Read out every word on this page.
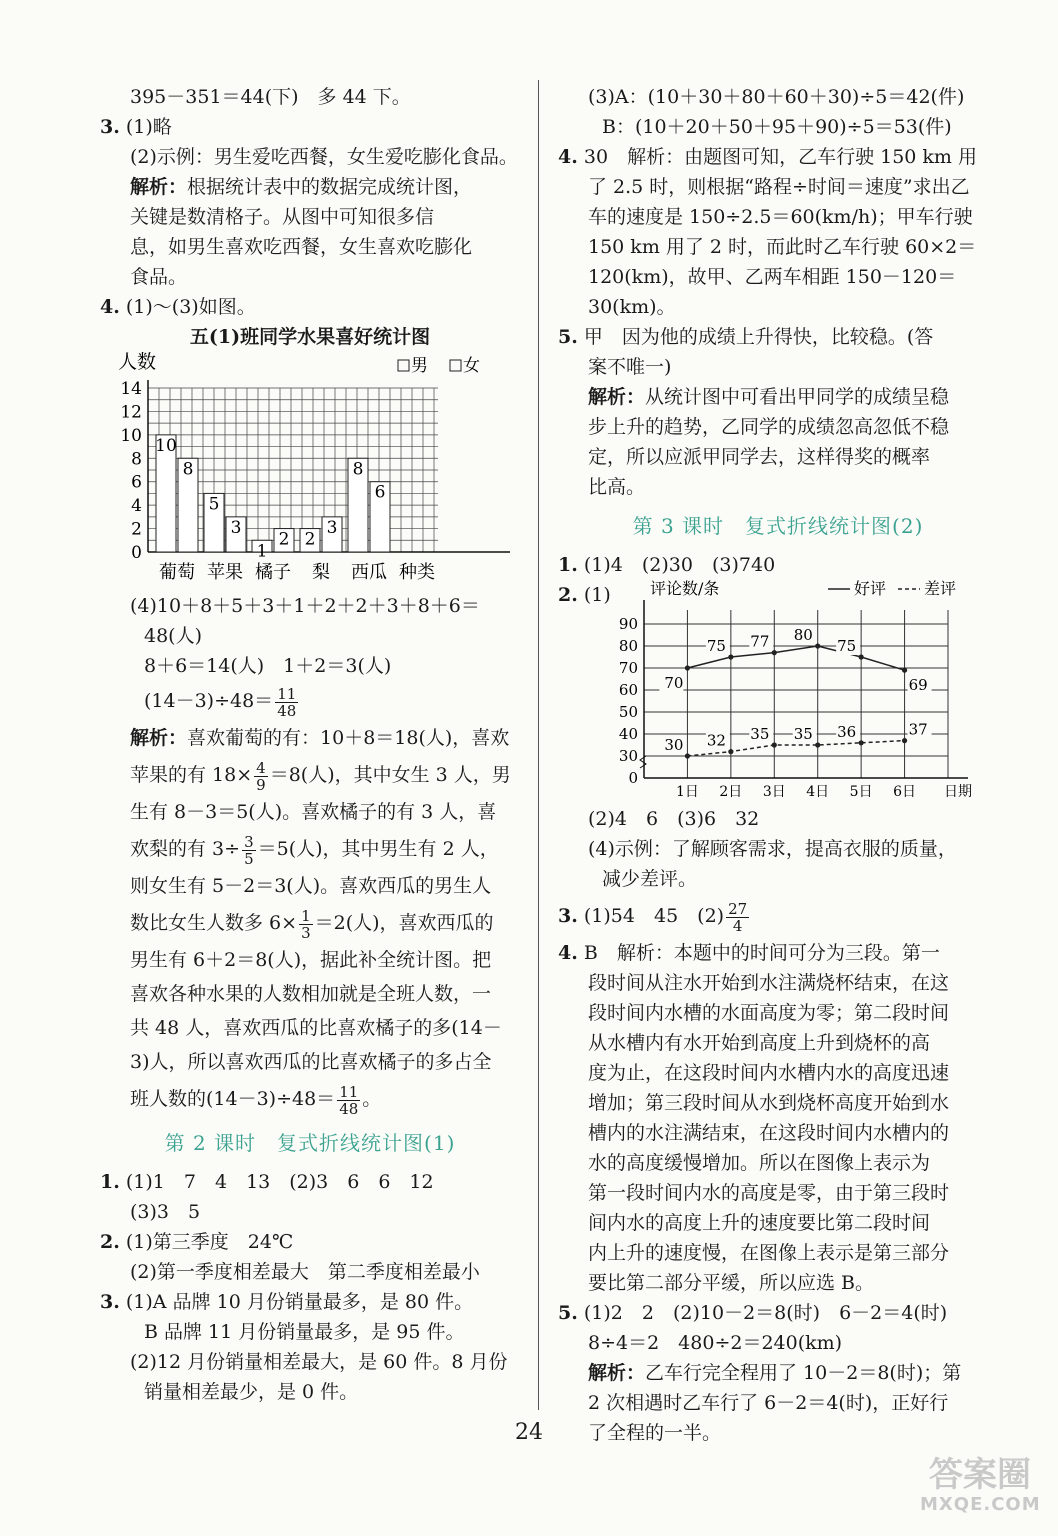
395－351＝44(下)　多 44 下。
3. (1)略
(2)示例：男生爱吃西餐，女生爱吃膨化食品。
解析：根据统计表中的数据完成统计图，
关键是数清格子。从图中可知很多信
息，如男生喜欢吃西餐，女生喜欢吃膨化
食品。
4. (1)～(3)如图。
五(1)班同学水果喜好统计图
人数	男 女
0
2
4
6
8
10
12
14
10
8
5
3
1
2 2
3
8
6
葡萄 苹果 橘子 梨 西瓜 种类
(4)10＋8＋5＋3＋1＋2＋2＋3＋8＋6＝
48(人)
8＋6＝14(人)　1＋2＝3(人)
$(14-3)\div 48= \frac{11}{48}$
解析：喜欢葡萄的有：10＋8＝18(人)，喜欢
苹果的有 $18\times \frac{4}{9} =8$(人)，其中女生 3 人，男
生有 8－3＝5(人)。喜欢橘子的有 3 人，喜
欢梨的有 $3\div \frac{3}{5} =5$(人)，其中男生有 2 人，
则女生有 5－2＝3(人)。喜欢西瓜的男生人
数比女生人数多 $6\times \frac{1}{3} =2$(人)，喜欢西瓜的
男生有 6＋2＝8(人)，据此补全统计图。把
喜欢各种水果的人数相加就是全班人数，一
共 48 人，喜欢西瓜的比喜欢橘子的多(14－
3)人，所以喜欢西瓜的比喜欢橘子的多占全
班人数的$(14-3)\div 48= \frac{11}{48}$ 。
第 2 课时　复式折线统计图(1)
1. (1)1　7　4　13　(2)3　6　6　12
(3)3　5
2. (1)第三季度　24℃
(2)第一季度相差最大　第二季度相差最小
3. (1)A 品牌 10 月份销量最多，是 80 件。
B 品牌 11 月份销量最多，是 95 件。
(2)12 月份销量相差最大，是 60 件。8 月份
销量相差最少，是 0 件。
(3)A：(10＋30＋80＋60＋30)÷5＝42(件)
B：(10＋20＋50＋95＋90)÷5＝53(件)
4. 30　解析：由题图可知，乙车行驶 150 km 用
了 2.5 时，则根据“路程÷时间＝速度”求出乙
车的速度是 150÷2.5＝60(km/h)；甲车行驶
150 km 用了 2 时，而此时乙车行驶 60×2＝
120(km)，故甲、乙两车相距 150－120＝
30(km)。
5. 甲　因为他的成绩上升得快，比较稳。(答
案不唯一)
解析：从统计图中可看出甲同学的成绩呈稳
步上升的趋势，乙同学的成绩忽高忽低不稳
定，所以应派甲同学去，这样得奖的概率
比高。
第 3 课时　复式折线统计图(2)
1. (1)4　(2)30　(3)740
2. (1)	评论数/条	好评 差评
0
30
40
50
60
70
80
90
70
75 77 80
75
69
30 32 35 35 36	37
1日 2日 3日 4日 5日 6日 日期
(2)4　6　(3)6　32
(4)示例：了解顾客需求，提高衣服的质量，
减少差评。
3. (1)54　45　$(2) \frac{27}{4}$
4. B　解析：本题中的时间可分为三段。第一
段时间从注水开始到水注满烧杯结束，在这
段时间内水槽的水面高度为零；第二段时间
从水槽内有水开始到高度上升到烧杯的高
度为止，在这段时间内水槽内水的高度迅速
增加；第三段时间从水到烧杯高度开始到水
槽内的水注满结束，在这段时间内水槽内的
水的高度缓慢增加。所以在图像上表示为
第一段时间内水的高度是零，由于第三段时
间内水的高度上升的速度要比第二段时间
内上升的速度慢，在图像上表示是第三部分
要比第二部分平缓，所以应选 B。
5. (1)2　2　(2)10－2＝8(时)　6－2＝4(时)
8÷4＝2　480÷2＝240(km)
解析：乙车行完全程用了 10－2＝8(时)；第
2 次相遇时乙车行了 6－2＝4(时)，正好行
了全程的一半。
24
答案圈
MXQE.COM
